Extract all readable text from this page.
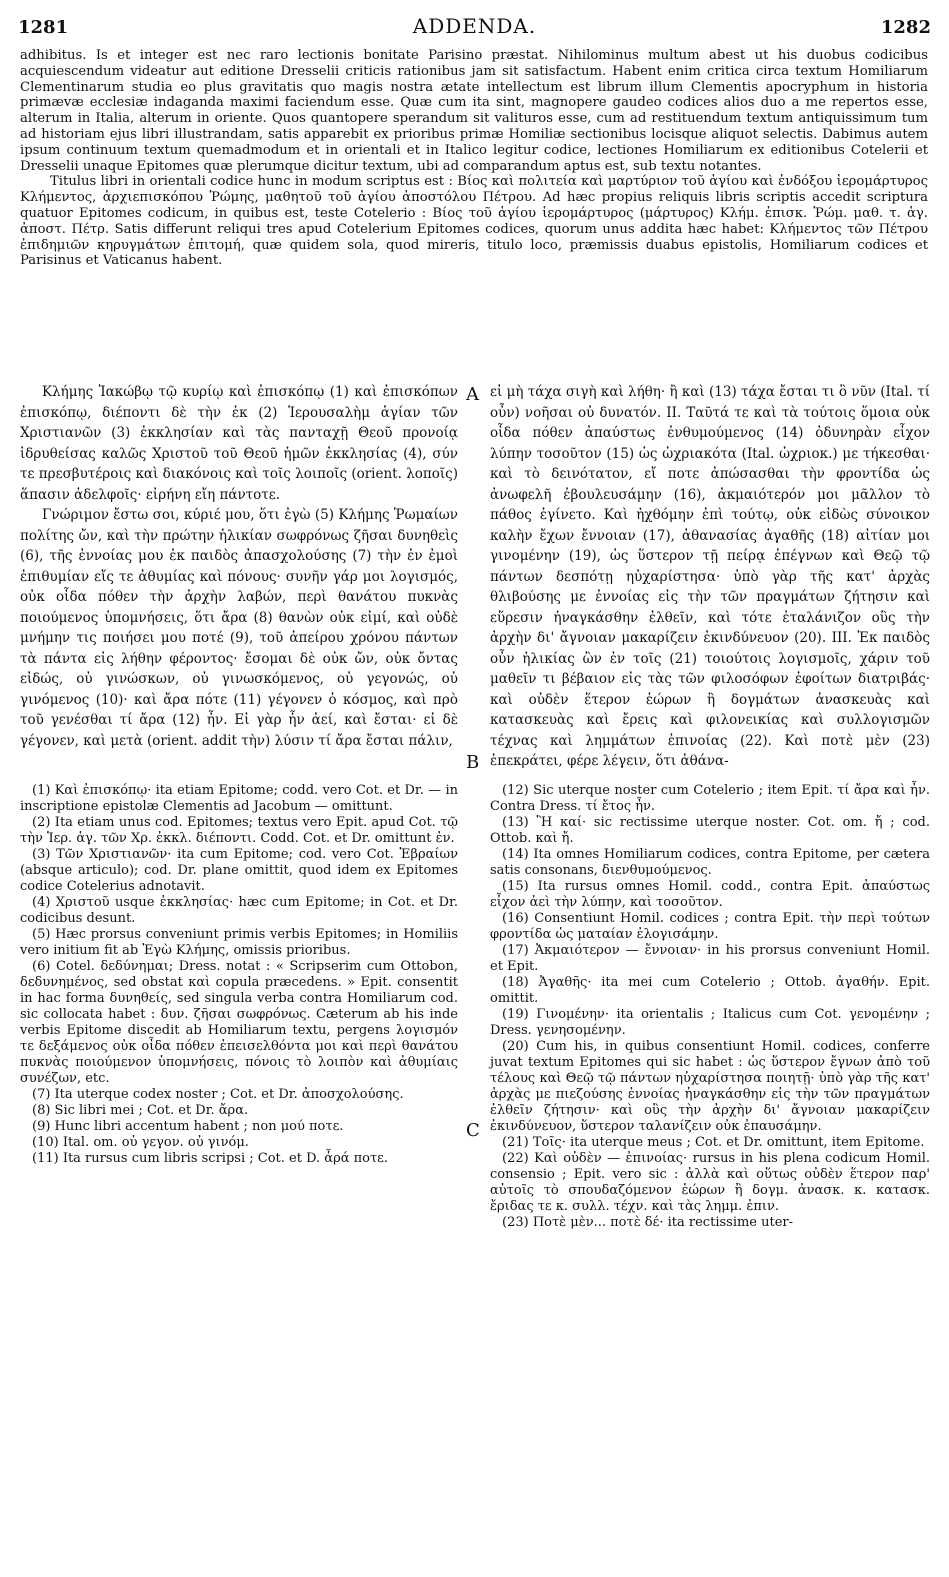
1281	ADDENDA.	1282

adhibitus. Is et integer est nec raro lectionis bonitate Parisino præstat. Nihilominus multum abest ut his duobus codicibus acquiescendum videatur aut editione Dresselii criticis rationibus jam sit satisfactum. Habent enim critica circa textum Homiliarum Clementinarum studia eo plus gravitatis quo magis nostra ætate intellectum est librum illum Clementis apocryphum in historia primævæ ecclesiæ indaganda maximi faciendum esse. Quæ cum ita sint, magnopere gaudeo codices alios duo a me repertos esse, alterum in Italia, alterum in oriente. Quos quantopere sperandum sit valituros esse, cum ad restituendum textum antiquissimum tum ad historiam ejus libri illustrandam, satis apparebit ex prioribus primæ Homiliæ sectionibus locisque aliquot selectis. Dabimus autem ipsum continuum textum quemadmodum et in orientali et in Italico legitur codice, lectiones Homiliarum ex editionibus Cotelerii et Dresselii unaque Epitomes quæ plerumque dicitur textum, ubi ad comparandum aptus est, sub textu notantes.

Titulus libri in orientali codice hunc in modum scriptus est : Βίος καὶ πολιτεία καὶ μαρτύριον τοῦ ἁγίου καὶ ἐνδόξου ἱερομάρτυρος Κλήμεντος, ἀρχιεπισκόπου Ῥώμης, μαθητοῦ τοῦ ἁγίου ἀποστόλου Πέτρου. Ad hæc propius reliquis libris scriptis accedit scriptura quatuor Epitomes codicum, in quibus est, teste Cotelerio : Βίος τοῦ ἁγίου ἱερομάρτυρος (μάρτυρος) Κλήμ. ἐπισκ. Ῥώμ. μαθ. τ. ἁγ. ἀποστ. Πέτρ. Satis differunt reliqui tres apud Cotelerium Epitomes codices, quorum unus addita hæc habet: Κλήμεντος τῶν Πέτρου ἐπιδημιῶν κηρυγμάτων ἐπιτομή, quæ quidem sola, quod mireris, titulo loco, præmissis duabus epistolis, Homiliarum codices et Parisinus et Vaticanus habent.

Κλήμης Ἰακώβῳ τῷ κυρίῳ καὶ ἐπισκόπῳ (1) καὶ ἐπισκόπων ἐπισκόπῳ, διέποντι δὲ τὴν ἐκ (2) Ἱερουσαλὴμ ἁγίαν τῶν Χριστιανῶν (3) ἐκκλησίαν καὶ τὰς πανταχῇ Θεοῦ προνοίᾳ ἱδρυθείσας καλῶς Χριστοῦ τοῦ Θεοῦ ἡμῶν ἐκκλησίας (4), σύν τε πρεσβυτέροις καὶ διακόνοις καὶ τοῖς λοιποῖς (orient. λοποῖς) ἅπασιν ἀδελφοῖς· εἰρήνη εἴη πάντοτε.

Γνώριμον ἔστω σοι, κύριέ μου, ὅτι ἐγὼ (5) Κλήμης Ῥωμαίων πολίτης ὤν, καὶ τὴν πρώτην ἡλικίαν σωφρόνως ζῆσαι δυνηθεὶς (6), τῆς ἐννοίας μου ἐκ παιδὸς ἀπασχολούσης (7) τὴν ἐν ἐμοὶ ἐπιθυμίαν εἴς τε ἀθυμίας καὶ πόνους· συνῆν γάρ μοι λογισμός, οὐκ οἶδα πόθεν τὴν ἀρχὴν λαβών, περὶ θανάτου πυκνὰς ποιούμενος ὑπομνήσεις, ὅτι ἄρα (8) θανὼν οὐκ εἰμί, καὶ οὐδὲ μνήμην τις ποιήσει μου ποτέ (9), τοῦ ἀπείρου χρόνου πάντων τὰ πάντα εἰς λήθην φέροντος· ἔσομαι δὲ οὐκ ὤν, οὐκ ὄντας εἰδώς, οὐ γινώσκων, οὐ γινωσκόμενος, οὐ γεγονώς, οὐ γινόμενος (10)· καὶ ἄρα πότε (11) γέγονεν ὁ κόσμος, καὶ πρὸ τοῦ γενέσθαι τί ἄρα (12) ἦν. Εἰ γὰρ ἦν ἀεί, καὶ ἔσται· εἰ δὲ γέγονεν, καὶ μετὰ (orient. addit τὴν) λύσιν τί ἄρα ἔσται πάλιν,

A
B
C

εἰ μὴ τάχα σιγὴ καὶ λήθη· ἢ καὶ (13) τάχα ἔσται τι ὃ νῦν (Ital. τί οὖν) νοῆσαι οὐ δυνατόν. II. Ταῦτά τε καὶ τὰ τούτοις ὅμοια οὐκ οἶδα πόθεν ἀπαύστως ἐνθυμούμενος (14) ὀδυνηρὰν εἶχον λύπην τοσοῦτον (15) ὡς ὠχριακότα (Ital. ὠχριοκ.) με τήκεσθαι· καὶ τὸ δεινότατον, εἴ ποτε ἀπώσασθαι τὴν φροντίδα ὡς ἀνωφελῆ ἐβουλευσάμην (16), ἀκμαιότερόν μοι μᾶλλον τὸ πάθος ἐγίνετο. Καὶ ἠχθόμην ἐπὶ τούτῳ, οὐκ εἰδὼς σύνοικον καλὴν ἔχων ἔννοιαν (17), ἀθανασίας ἀγαθῆς (18) αἰτίαν μοι γινομένην (19), ὡς ὕστερον τῇ πείρᾳ ἐπέγνων καὶ Θεῷ τῷ πάντων δεσπότῃ ηὐχαρίστησα· ὑπὸ γὰρ τῆς κατ' ἀρχὰς θλιβούσης με ἐννοίας εἰς τὴν τῶν πραγμάτων ζήτησιν καὶ εὕρεσιν ἠναγκάσθην ἐλθεῖν, καὶ τότε ἐταλάνιζον οὓς τὴν ἀρχὴν δι' ἄγνοιαν μακαρίζειν ἐκινδύνευον (20). III. Ἐκ παιδὸς οὖν ἡλικίας ὢν ἐν τοῖς (21) τοιούτοις λογισμοῖς, χάριν τοῦ μαθεῖν τι βέβαιον εἰς τὰς τῶν φιλοσόφων ἐφοίτων διατριβάς· καὶ οὐδὲν ἕτερον ἑώρων ἢ δογμάτων ἀνασκευὰς καὶ κατασκευὰς καὶ ἔρεις καὶ φιλονεικίας καὶ συλλογισμῶν τέχνας καὶ λημμάτων ἐπινοίας (22). Καὶ ποτὲ μὲν (23) ἐπεκράτει, φέρε λέγειν, ὅτι ἀθάνα-

(1) Καὶ ἐπισκόπῳ· ita etiam Epitome; codd. vero Cot. et Dr. — in inscriptione epistolæ Clementis ad Jacobum — omittunt.

(2) Ita etiam unus cod. Epitomes; textus vero Epit. apud Cot. τῷ τὴν Ἱερ. ἁγ. τῶν Χρ. ἐκκλ. διέποντι. Codd. Cot. et Dr. omittunt ἐν.

(3) Τῶν Χριστιανῶν· ita cum Epitome; cod. vero Cot. Ἑβραίων (absque articulo); cod. Dr. plane omittit, quod idem ex Epitomes codice Cotelerius adnotavit.

(4) Χριστοῦ usque ἐκκλησίας· hæc cum Epitome; in Cot. et Dr. codicibus desunt.

(5) Hæc prorsus conveniunt primis verbis Epitomes; in Homiliis vero initium fit ab Ἐγὼ Κλήμης, omissis prioribus.

(6) Cotel. δεδύνημαι; Dress. notat : « Scripserim cum Ottobon, δεδυνημένος, sed obstat καὶ copula præcedens. » Epit. consentit in hac forma δυνηθείς, sed singula verba contra Homiliarum cod. sic collocata habet : δυν. ζῆσαι σωφρόνως. Cæterum ab his inde verbis Epitome discedit ab Homiliarum textu, pergens λογισμόν τε δεξάμενος οὐκ οἶδα πόθεν ἐπεισελθόντα μοι καὶ περὶ θανάτου πυκνὰς ποιούμενον ὑπομνήσεις, πόνοις τὸ λοιπὸν καὶ ἀθυμίαις συνέζων, etc.

(7) Ita uterque codex noster ; Cot. et Dr. ἀποσχολούσης.

(8) Sic libri mei ; Cot. et Dr. ἄρα.

(9) Hunc libri accentum habent ; non μού ποτε.

(10) Ital. om. οὐ γεγον. οὐ γινόμ.

(11) Ita rursus cum libris scripsi ; Cot. et D. ἆρά ποτε.

(12) Sic uterque noster cum Cotelerio ; item Epit. τί ἄρα καὶ ἦν. Contra Dress. τί ἔτος ἦν.

(13) Ἢ καί· sic rectissime uterque noster. Cot. om. ἤ ; cod. Ottob. καὶ ἤ.

(14) Ita omnes Homiliarum codices, contra Epitome, per cætera satis consonans, διενθυμούμενος.

(15) Ita rursus omnes Homil. codd., contra Epit. ἀπαύστως εἶχον ἀεὶ τὴν λύπην, καὶ τοσοῦτον.

(16) Consentiunt Homil. codices ; contra Epit. τὴν περὶ τούτων φροντίδα ὡς ματαίαν ἐλογισάμην.

(17) Ἀκμαιότερον — ἔννοιαν· in his prorsus conveniunt Homil. et Epit.

(18) Ἀγαθῆς· ita mei cum Cotelerio ; Ottob. ἀγαθήν. Epit. omittit.

(19) Γινομένην· ita orientalis ; Italicus cum Cot. γενομένην ; Dress. γενησομένην.

(20) Cum his, in quibus consentiunt Homil. codices, conferre juvat textum Epitomes qui sic habet : ὡς ὕστερον ἔγνων ἀπὸ τοῦ τέλους καὶ Θεῷ τῷ πάντων ηὐχαρίστησα ποιητῇ· ὑπὸ γὰρ τῆς κατ' ἀρχὰς με πιεζούσης ἐννοίας ἠναγκάσθην εἰς τὴν τῶν πραγμάτων ἐλθεῖν ζήτησιν· καὶ οὓς τὴν ἀρχὴν δι' ἄγνοιαν μακαρίζειν ἐκινδύνευον, ὕστερον ταλανίζειν οὐκ ἐπαυσάμην.

(21) Τοῖς· ita uterque meus ; Cot. et Dr. omittunt, item Epitome.

(22) Καὶ οὐδὲν — ἐπινοίας· rursus in his plena codicum Homil. consensio ; Epit. vero sic : ἀλλὰ καὶ οὕτως οὐδὲν ἕτερον παρ' αὐτοῖς τὸ σπουδαζόμενον ἑώρων ἢ δογμ. ἀνασκ. κ. κατασκ. ἔριδας τε κ. συλλ. τέχν. καὶ τὰς λημμ. ἐπιν.

(23) Ποτὲ μὲν... ποτὲ δέ· ita rectissime uter-
